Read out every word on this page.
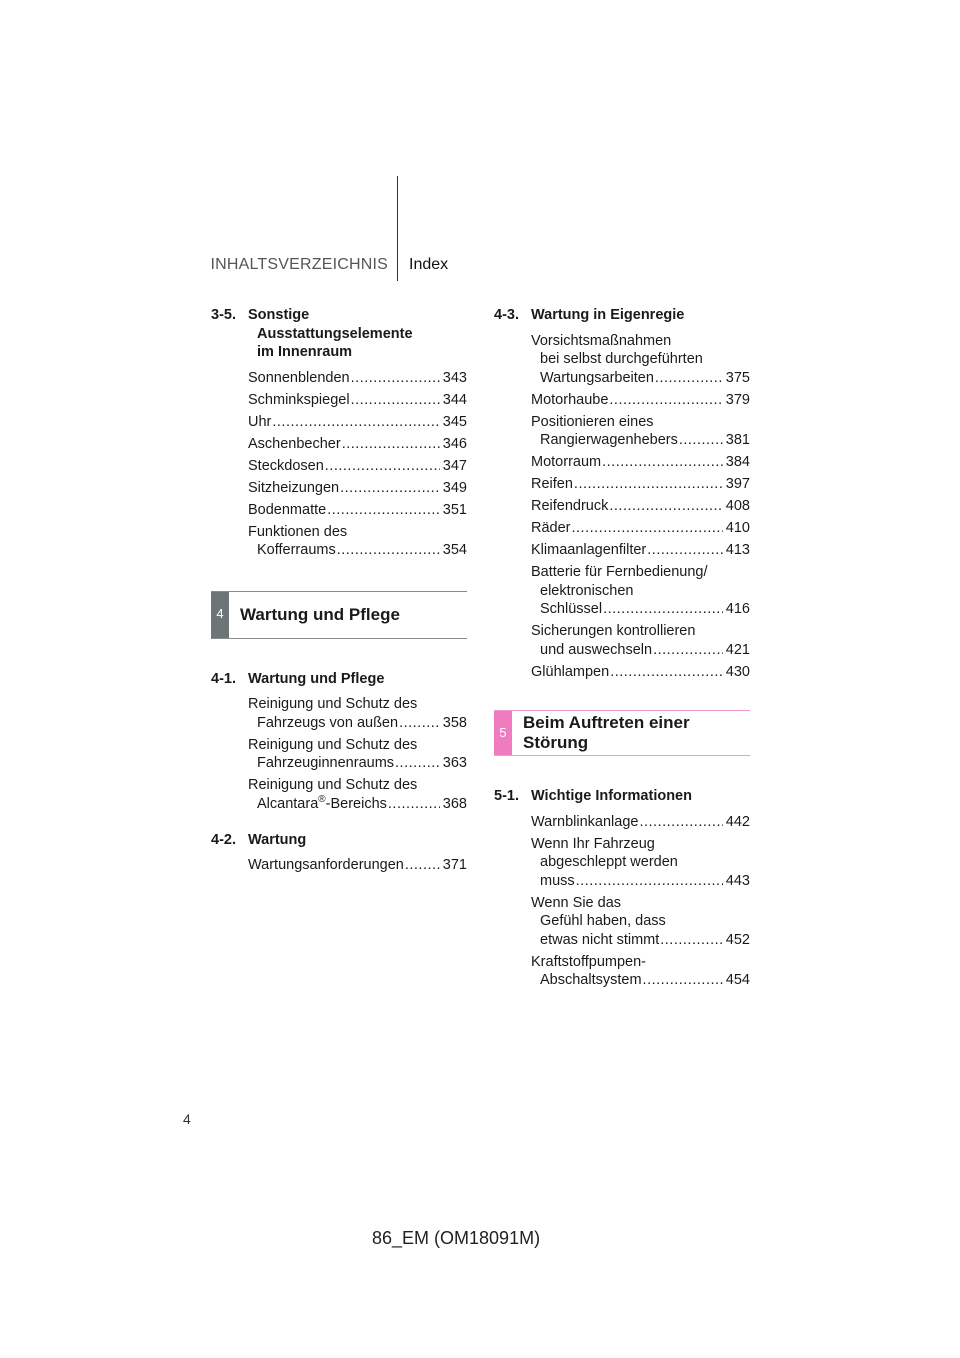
INHALTSVERZEICHNIS Index
3-5. Sonstige
Ausstattungselemente
im Innenraum
Sonnenblenden .....	343
Schminkspiegel .....	344
Uhr .....	345
Aschenbecher .....	346
Steckdosen .....	347
Sitzheizungen .....	349
Bodenmatte .....	351
Funktionen des
Kofferraums .....	354
4 Wartung und Pflege
4-1. Wartung und Pflege
Reinigung und Schutz des
Fahrzeugs von außen .....	358
Reinigung und Schutz des
Fahrzeuginnenraums .....	363
Reinigung und Schutz des
Alcantara®-Bereichs .....	368
4-2. Wartung
Wartungsanforderungen .....	371
4-3. Wartung in Eigenregie
Vorsichtsmaßnahmen
bei selbst durchgeführten
Wartungsarbeiten .....	375
Motorhaube .....	379
Positionieren eines
Rangierwagenhebers .....	381
Motorraum .....	384
Reifen .....	397
Reifendruck .....	408
Räder .....	410
Klimaanlagenfilter .....	413
Batterie für Fernbedienung/
elektronischen
Schlüssel .....	416
Sicherungen kontrollieren
und auswechseln .....	421
Glühlampen .....	430
5
Beim Auftreten einer
Störung
5-1. Wichtige Informationen
Warnblinkanlage .....	442
Wenn Ihr Fahrzeug
abgeschleppt werden
muss .....	443
Wenn Sie das
Gefühl haben, dass
etwas nicht stimmt .....	452
Kraftstoffpumpen-
Abschaltsystem .....	454
4
86_EM (OM18091M)
